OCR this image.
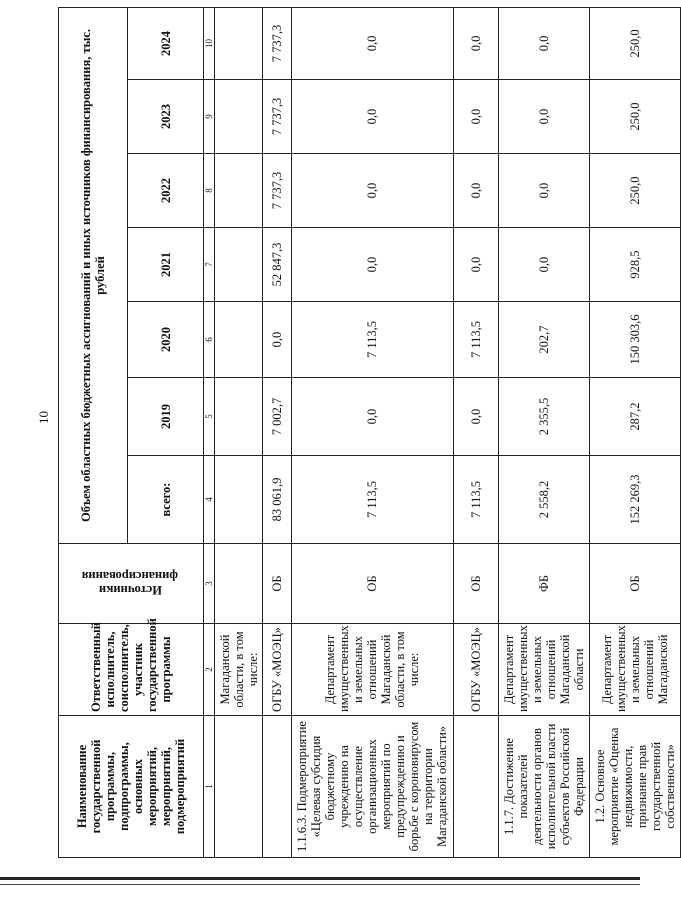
10
Наименование государственной программы, подпрограммы, основных мероприятий, мероприятий, подмероприятий	Ответственный исполнитель, соисполнитель, участник государственной программы	Источники финансирования	Объем областных бюджетных ассигнований и иных источников финансирования, тыс. рублей						
			всего:	2019	2020	2021	2022	2023	2024
1	2	3	4	5	6	7	8	9	10
	Магаданской области, в том числе:								
	ОГБУ «МОЭЦ»	ОБ	83 061,9	7 002,7	0,0	52 847,3	7 737,3	7 737,3	7 737,3
1.1.6.3. Подмероприятие «Целевая субсидия бюджетному учреждению на осуществление организационных мероприятий по предупреждению и борьбе с короновирусом на территории Магаданской области»	Департамент имущественных и земельных отношений Магаданской области, в том числе:	ОБ	7 113,5	0,0	7 113,5	0,0	0,0	0,0	0,0
	ОГБУ «МОЭЦ»	ОБ	7 113,5	0,0	7 113,5	0,0	0,0	0,0	0,0
1.1.7. Достижение показателей деятельности органов исполнительной власти субъектов Российской Федерации	Департамент имущественных и земельных отношений Магаданской области	ФБ	2 558,2	2 355,5	202,7	0,0	0,0	0,0	0,0
1.2. Основное мероприятие «Оценка недвижимости, признание прав государственной собственности»	Департамент имущественных и земельных отношений Магаданской	ОБ	152 269,3	287,2	150 303,6	928,5	250,0	250,0	250,0
